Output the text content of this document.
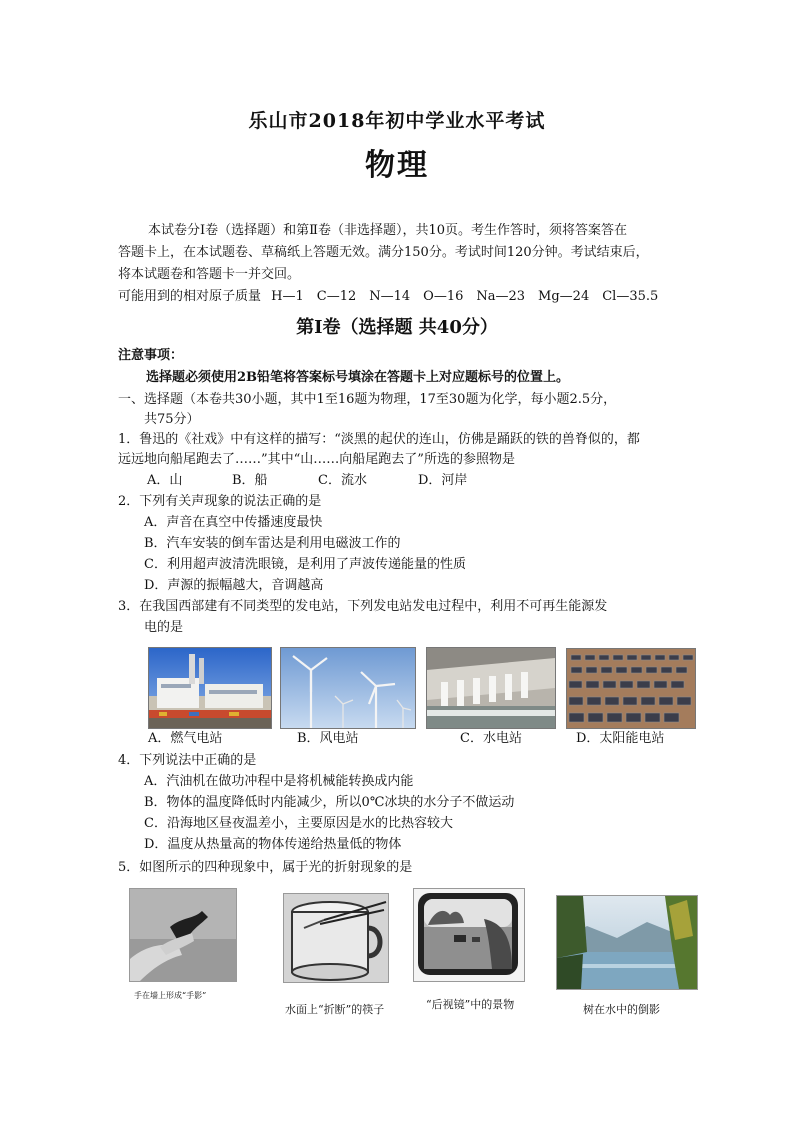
乐山市2018年初中学业水平考试
物理
本试卷分Ⅰ卷（选择题）和第Ⅱ卷（非选择题），共10页。考生作答时，须将答案答在
答题卡上，在本试题卷、草稿纸上答题无效。满分150分。考试时间120分钟。考试结束后，
将本试题卷和答题卡一并交回。
可能用到的相对原子质量 H—1　C—12　N—14　O—16　Na—23　Mg—24　Cl—35.5
第Ⅰ卷（选择题 共40分）
注意事项：
选择题必须使用2B铅笔将答案标号填涂在答题卡上对应题标号的位置上。
一、选择题（本卷共30小题，其中1至16题为物理，17至30题为化学，每小题2.5分，
共75分）
1．鲁迅的《社戏》中有这样的描写：“淡黑的起伏的连山，仿佛是踊跃的铁的兽脊似的，都
远远地向船尾跑去了……”其中“山……向船尾跑去了”所选的参照物是
A．山	B．船	C．流水	D．河岸
2．下列有关声现象的说法正确的是
A．声音在真空中传播速度最快
B．汽车安装的倒车雷达是利用电磁波工作的
C．利用超声波清洗眼镜，是利用了声波传递能量的性质
D．声源的振幅越大，音调越高
3．在我国西部建有不同类型的发电站，下列发电站发电过程中，利用不可再生能源发
电的是
A．燃气电站	B．风电站	C．水电站	D．太阳能电站
4．下列说法中正确的是
A．汽油机在做功冲程中是将机械能转换成内能
B．物体的温度降低时内能减少，所以0℃冰块的水分子不做运动
C．沿海地区昼夜温差小，主要原因是水的比热容较大
D．温度从热量高的物体传递给热量低的物体
5．如图所示的四种现象中，属于光的折射现象的是
手在墙上形成“手影”
水面上“折断”的筷子	“后视镜”中的景物	树在水中的倒影
